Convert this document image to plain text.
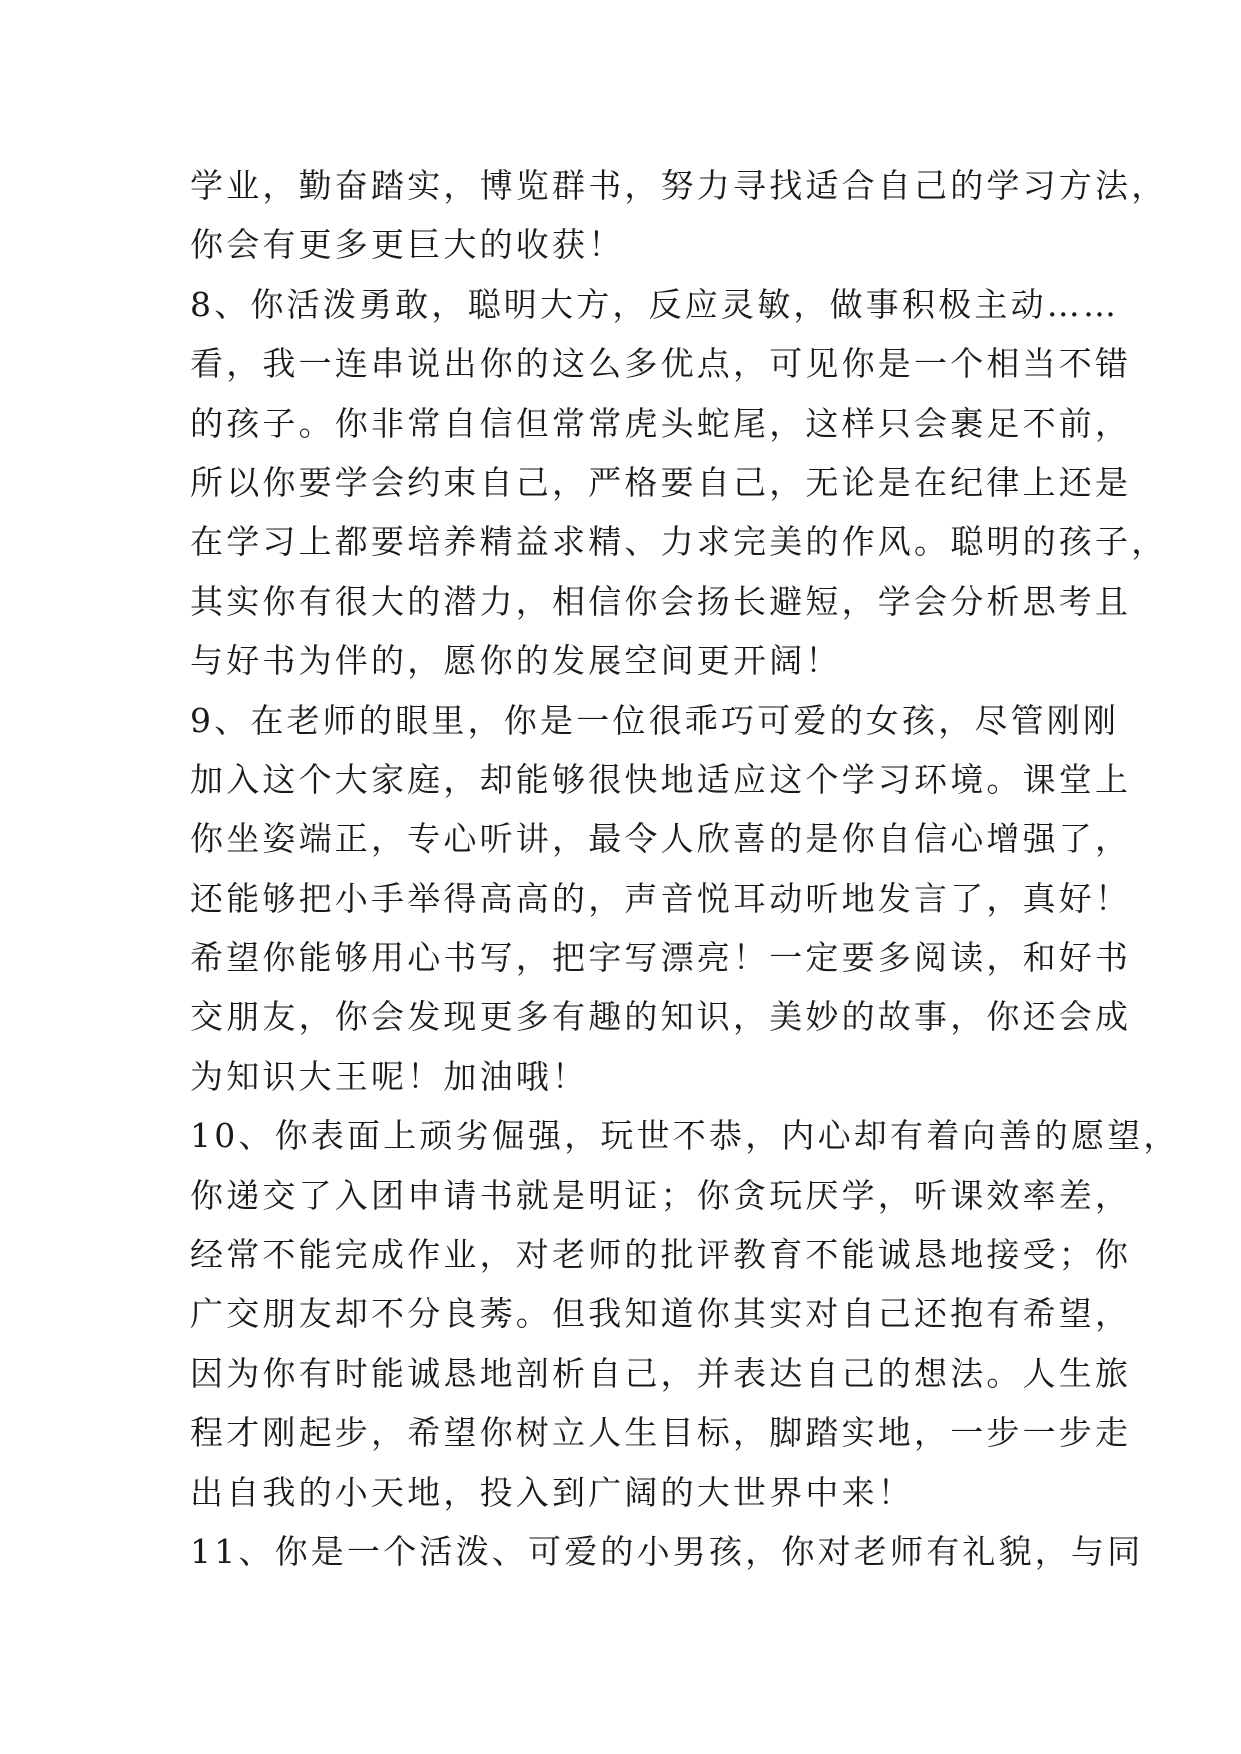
学业，勤奋踏实，博览群书，努力寻找适合自己的学习方法，
你会有更多更巨大的收获！
8、你活泼勇敢，聪明大方，反应灵敏，做事积极主动……
看，我一连串说出你的这么多优点，可见你是一个相当不错
的孩子。你非常自信但常常虎头蛇尾，这样只会裹足不前，
所以你要学会约束自己，严格要自己，无论是在纪律上还是
在学习上都要培养精益求精、力求完美的作风。聪明的孩子，
其实你有很大的潜力，相信你会扬长避短，学会分析思考且
与好书为伴的，愿你的发展空间更开阔！
9、在老师的眼里，你是一位很乖巧可爱的女孩，尽管刚刚
加入这个大家庭，却能够很快地适应这个学习环境。课堂上
你坐姿端正，专心听讲，最令人欣喜的是你自信心增强了，
还能够把小手举得高高的，声音悦耳动听地发言了，真好！
希望你能够用心书写，把字写漂亮！一定要多阅读，和好书
交朋友，你会发现更多有趣的知识，美妙的故事，你还会成
为知识大王呢！加油哦！
10、你表面上顽劣倔强，玩世不恭，内心却有着向善的愿望，
你递交了入团申请书就是明证；你贪玩厌学，听课效率差，
经常不能完成作业，对老师的批评教育不能诚恳地接受；你
广交朋友却不分良莠。但我知道你其实对自己还抱有希望，
因为你有时能诚恳地剖析自己，并表达自己的想法。人生旅
程才刚起步，希望你树立人生目标，脚踏实地，一步一步走
出自我的小天地，投入到广阔的大世界中来！
11、你是一个活泼、可爱的小男孩，你对老师有礼貌，与同
